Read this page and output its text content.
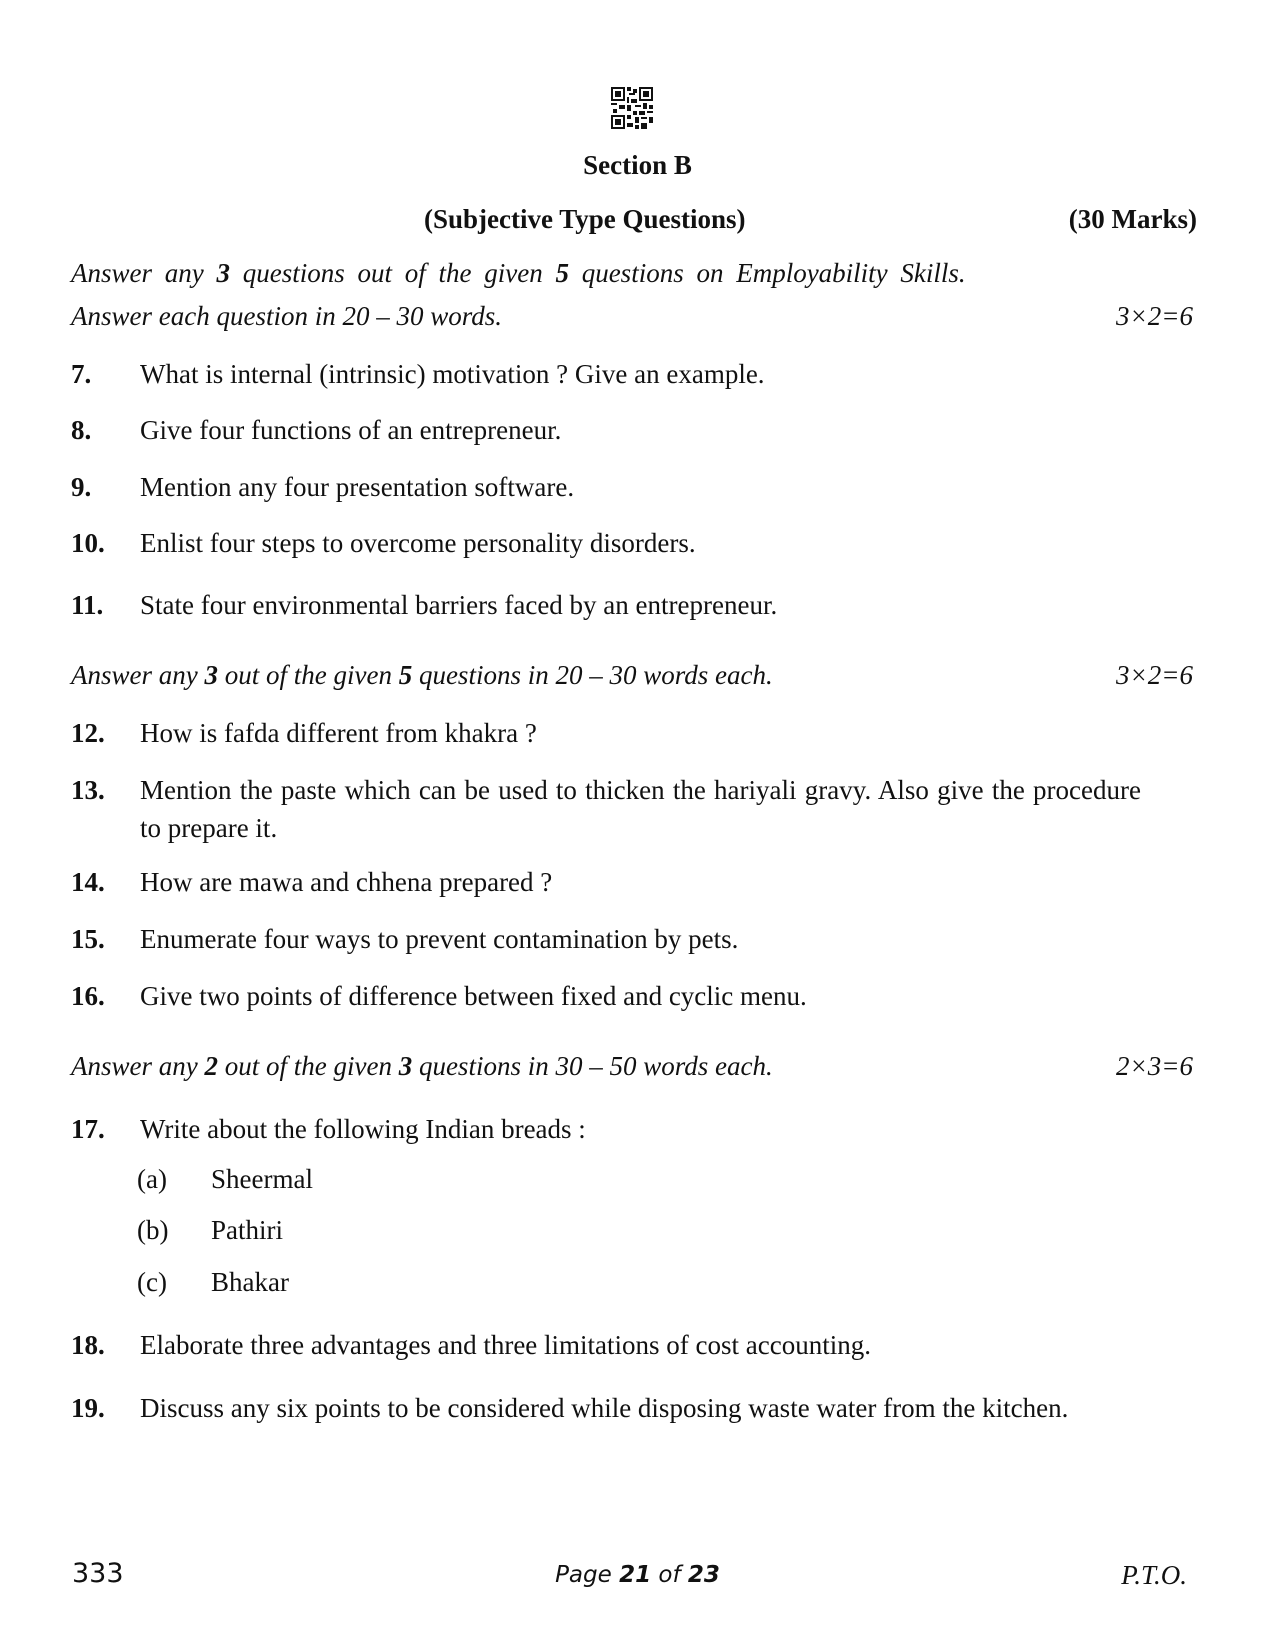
Section B
(Subjective Type Questions)	(30 Marks)
Answer any 3 questions out of the given 5 questions on Employability Skills.
Answer each question in 20 – 30 words.	3×2=6
7. What is internal (intrinsic) motivation ? Give an example.
8. Give four functions of an entrepreneur.
9. Mention any four presentation software.
10. Enlist four steps to overcome personality disorders.
11. State four environmental barriers faced by an entrepreneur.
Answer any 3 out of the given 5 questions in 20 – 30 words each.	3×2=6
12. How is fafda different from khakra ?
13. Mention the paste which can be used to thicken the hariyali gravy. Also give the procedure to prepare it.
14. How are mawa and chhena prepared ?
15. Enumerate four ways to prevent contamination by pets.
16. Give two points of difference between fixed and cyclic menu.
Answer any 2 out of the given 3 questions in 30 – 50 words each.	2×3=6
17. Write about the following Indian breads :
(a) Sheermal
(b) Pathiri
(c) Bhakar
18. Elaborate three advantages and three limitations of cost accounting.
19. Discuss any six points to be considered while disposing waste water from the kitchen.
333	Page 21 of 23	P.T.O.
